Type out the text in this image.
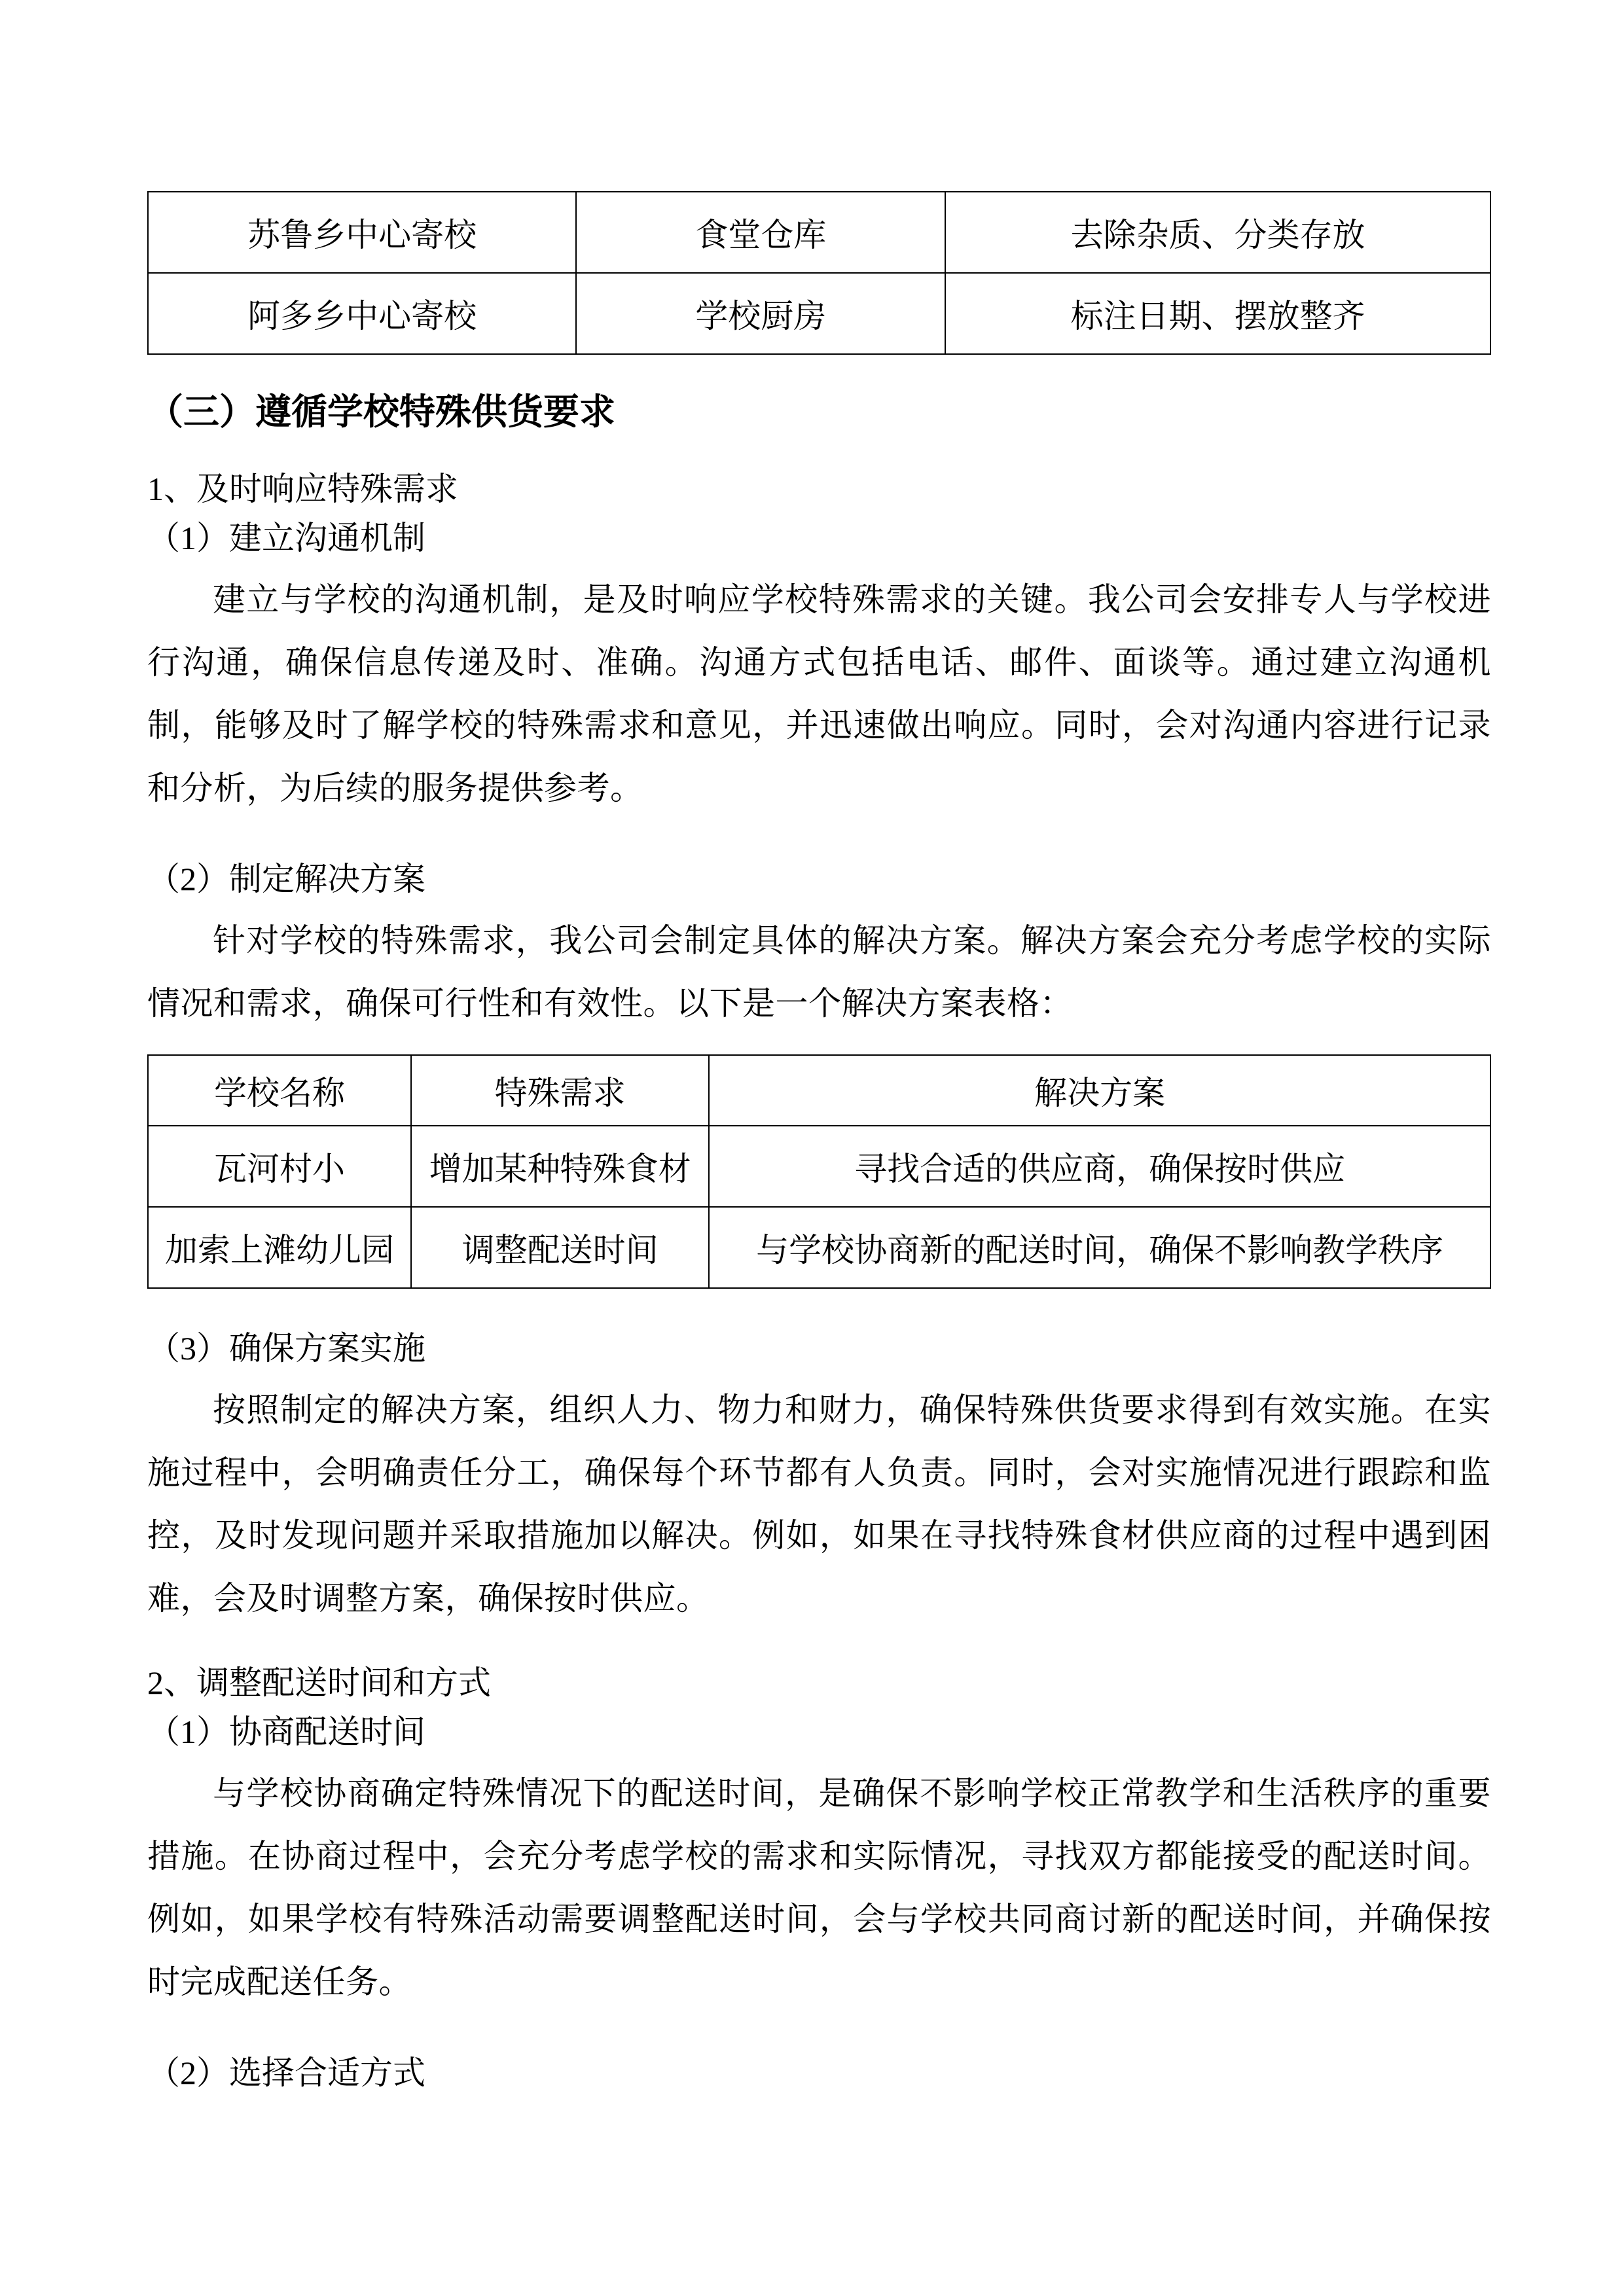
苏鲁乡中心寄校	食堂仓库	去除杂质、分类存放
阿多乡中心寄校	学校厨房	标注日期、摆放整齐
（三）遵循学校特殊供货要求
1、及时响应特殊需求
（1）建立沟通机制

建立与学校的沟通机制，是及时响应学校特殊需求的关键。我公司会安排专人与学校进行沟通，确保信息传递及时、准确。沟通方式包括电话、邮件、面谈等。通过建立沟通机制，能够及时了解学校的特殊需求和意见，并迅速做出响应。同时，会对沟通内容进行记录和分析，为后续的服务提供参考。

（2）制定解决方案

针对学校的特殊需求，我公司会制定具体的解决方案。解决方案会充分考虑学校的实际情况和需求，确保可行性和有效性。以下是一个解决方案表格：

学校名称	特殊需求	解决方案
瓦河村小	增加某种特殊食材	寻找合适的供应商，确保按时供应
加索上滩幼儿园	调整配送时间	与学校协商新的配送时间，确保不影响教学秩序
（3）确保方案实施

按照制定的解决方案，组织人力、物力和财力，确保特殊供货要求得到有效实施。在实施过程中，会明确责任分工，确保每个环节都有人负责。同时，会对实施情况进行跟踪和监控，及时发现问题并采取措施加以解决。例如，如果在寻找特殊食材供应商的过程中遇到困难，会及时调整方案，确保按时供应。

2、调整配送时间和方式
（1）协商配送时间

与学校协商确定特殊情况下的配送时间，是确保不影响学校正常教学和生活秩序的重要措施。在协商过程中，会充分考虑学校的需求和实际情况，寻找双方都能接受的配送时间。例如，如果学校有特殊活动需要调整配送时间，会与学校共同商讨新的配送时间，并确保按时完成配送任务。

（2）选择合适方式
